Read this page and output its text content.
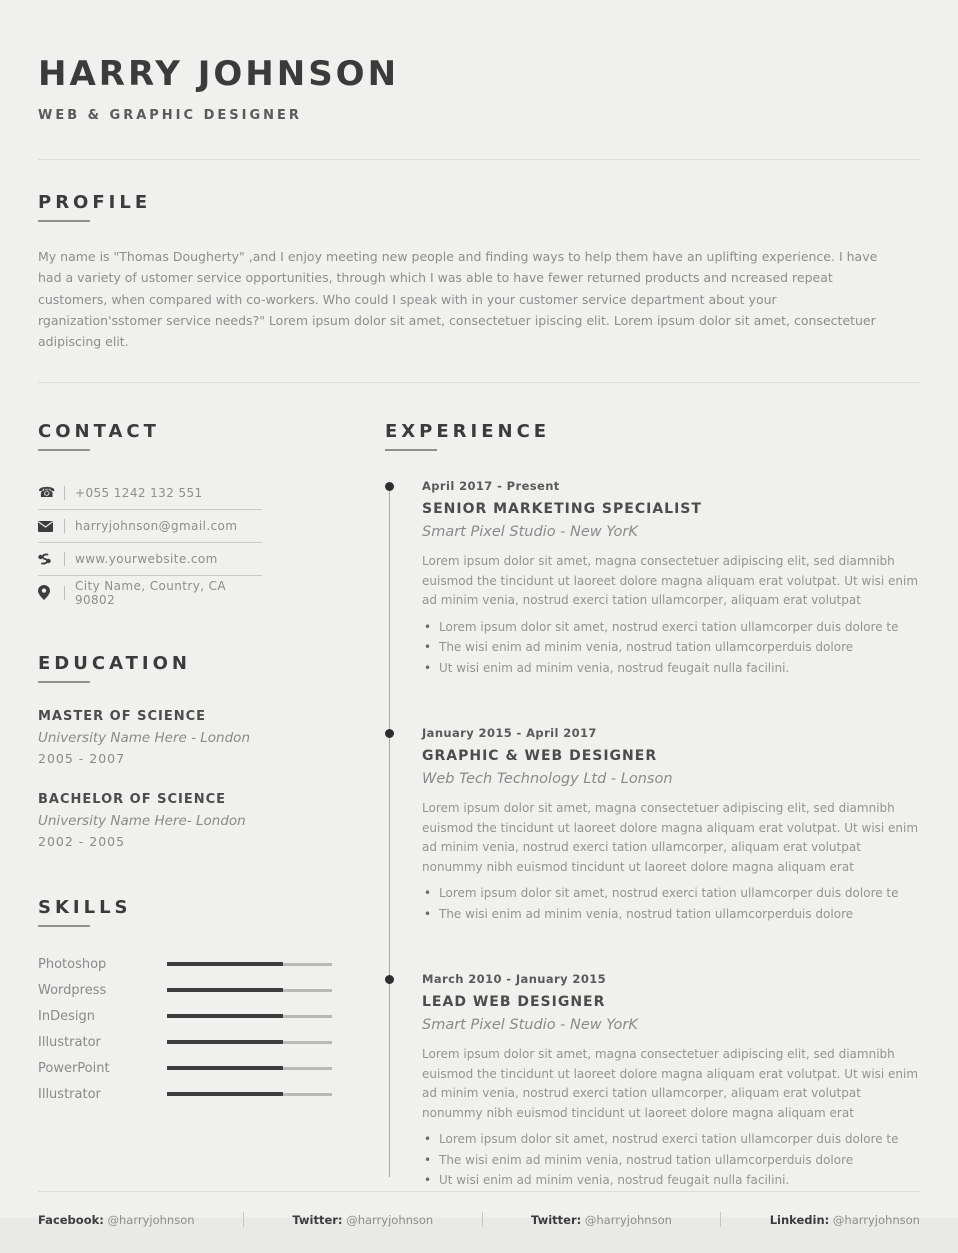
HARRY JOHNSON
WEB & GRAPHIC DESIGNER
PROFILE

My name is "Thomas Dougherty" ,and I enjoy meeting new people and finding ways to help them have an uplifting experience. I have had a variety of ustomer service opportunities, through which I was able to have fewer returned products and ncreased repeat customers, when compared with co-workers. Who could I speak with in your customer service department about your rganization'sstomer service needs?" Lorem ipsum dolor sit amet, consectetuer ipiscing elit. Lorem ipsum dolor sit amet, consectetuer adipiscing elit.

CONTACT
☎ +055 1242 132 551
harryjohnson@gmail.com
www.yourwebsite.com
City Name, Country, CA 90802
EDUCATION
MASTER OF SCIENCE
University Name Here - London
2005 - 2007
BACHELOR OF SCIENCE
University Name Here- London
2002 - 2005
SKILLS
Photoshop
Wordpress
InDesign
Illustrator
PowerPoint
Illustrator
EXPERIENCE
April 2017 - Present
SENIOR MARKETING SPECIALIST
Smart Pixel Studio - New YorK

Lorem ipsum dolor sit amet, magna consectetuer adipiscing elit, sed diamnibh euismod the tincidunt ut laoreet dolore magna aliquam erat volutpat. Ut wisi enim ad minim venia, nostrud exerci tation ullamcorper, aliquam erat volutpat

• Lorem ipsum dolor sit amet, nostrud exerci tation ullamcorper duis dolore te
• The wisi enim ad minim venia, nostrud tation ullamcorperduis dolore
• Ut wisi enim ad minim venia, nostrud feugait nulla facilini.
January 2015 - April 2017
GRAPHIC & WEB DESIGNER
Web Tech Technology Ltd - Lonson

Lorem ipsum dolor sit amet, magna consectetuer adipiscing elit, sed diamnibh euismod the tincidunt ut laoreet dolore magna aliquam erat volutpat. Ut wisi enim ad minim venia, nostrud exerci tation ullamcorper, aliquam erat volutpat nonummy nibh euismod tincidunt ut laoreet dolore magna aliquam erat

• Lorem ipsum dolor sit amet, nostrud exerci tation ullamcorper duis dolore te
• The wisi enim ad minim venia, nostrud tation ullamcorperduis dolore
March 2010 - January 2015
LEAD WEB DESIGNER
Smart Pixel Studio - New YorK

Lorem ipsum dolor sit amet, magna consectetuer adipiscing elit, sed diamnibh euismod the tincidunt ut laoreet dolore magna aliquam erat volutpat. Ut wisi enim ad minim venia, nostrud exerci tation ullamcorper, aliquam erat volutpat nonummy nibh euismod tincidunt ut laoreet dolore magna aliquam erat

• Lorem ipsum dolor sit amet, nostrud exerci tation ullamcorper duis dolore te
• The wisi enim ad minim venia, nostrud tation ullamcorperduis dolore
• Ut wisi enim ad minim venia, nostrud feugait nulla facilini.
Facebook: @harryjohnson	Twitter: @harryjohnson	Twitter: @harryjohnson	Linkedin: @harryjohnson
